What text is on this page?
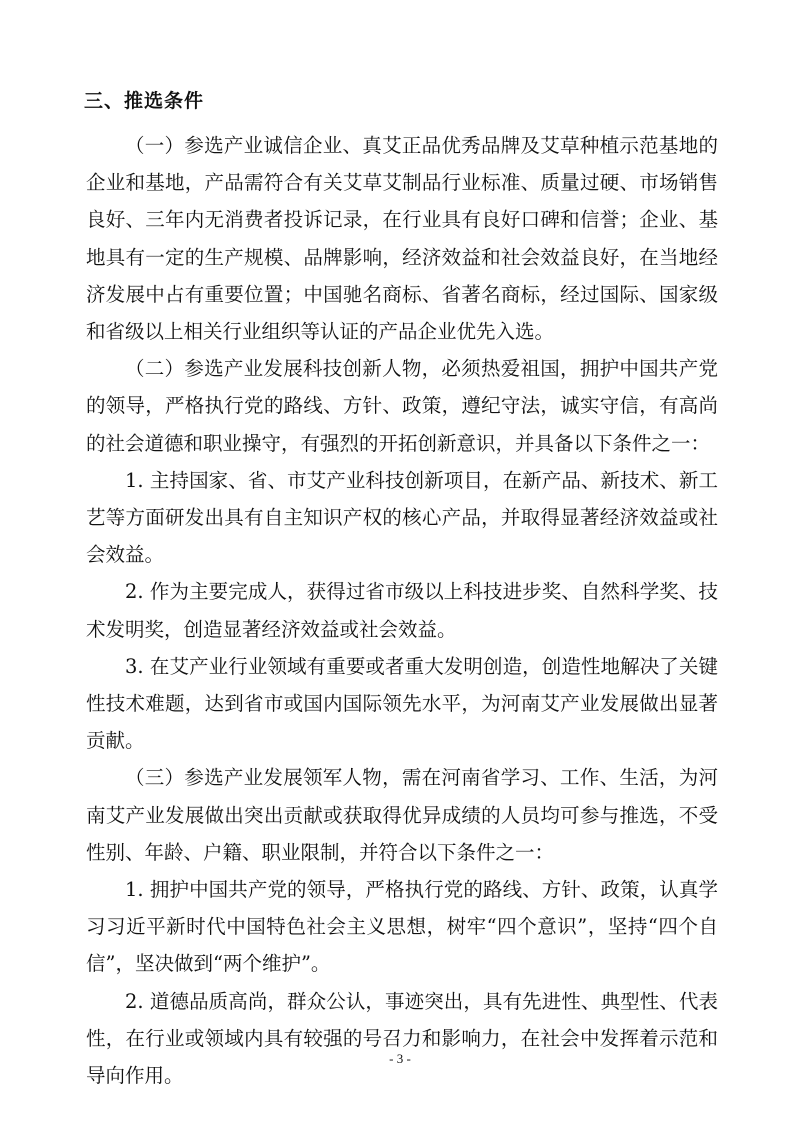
三、推选条件

（一）参选产业诚信企业、真艾正品优秀品牌及艾草种植示范基地的企业和基地，产品需符合有关艾草艾制品行业标准、质量过硬、市场销售良好、三年内无消费者投诉记录，在行业具有良好口碑和信誉；企业、基地具有一定的生产规模、品牌影响，经济效益和社会效益良好，在当地经济发展中占有重要位置；中国驰名商标、省著名商标，经过国际、国家级和省级以上相关行业组织等认证的产品企业优先入选。

（二）参选产业发展科技创新人物，必须热爱祖国，拥护中国共产党的领导，严格执行党的路线、方针、政策，遵纪守法，诚实守信，有高尚的社会道德和职业操守，有强烈的开拓创新意识，并具备以下条件之一：

1. 主持国家、省、市艾产业科技创新项目，在新产品、新技术、新工艺等方面研发出具有自主知识产权的核心产品，并取得显著经济效益或社会效益。

2. 作为主要完成人，获得过省市级以上科技进步奖、自然科学奖、技术发明奖，创造显著经济效益或社会效益。

3. 在艾产业行业领域有重要或者重大发明创造，创造性地解决了关键性技术难题，达到省市或国内国际领先水平，为河南艾产业发展做出显著贡献。

（三）参选产业发展领军人物，需在河南省学习、工作、生活，为河南艾产业发展做出突出贡献或获取得优异成绩的人员均可参与推选，不受性别、年龄、户籍、职业限制，并符合以下条件之一：

1. 拥护中国共产党的领导，严格执行党的路线、方针、政策，认真学习习近平新时代中国特色社会主义思想，树牢“四个意识”，坚持“四个自信”，坚决做到“两个维护”。

2. 道德品质高尚，群众公认，事迹突出，具有先进性、典型性、代表性，在行业或领域内具有较强的号召力和影响力，在社会中发挥着示范和导向作用。

- 3 -
